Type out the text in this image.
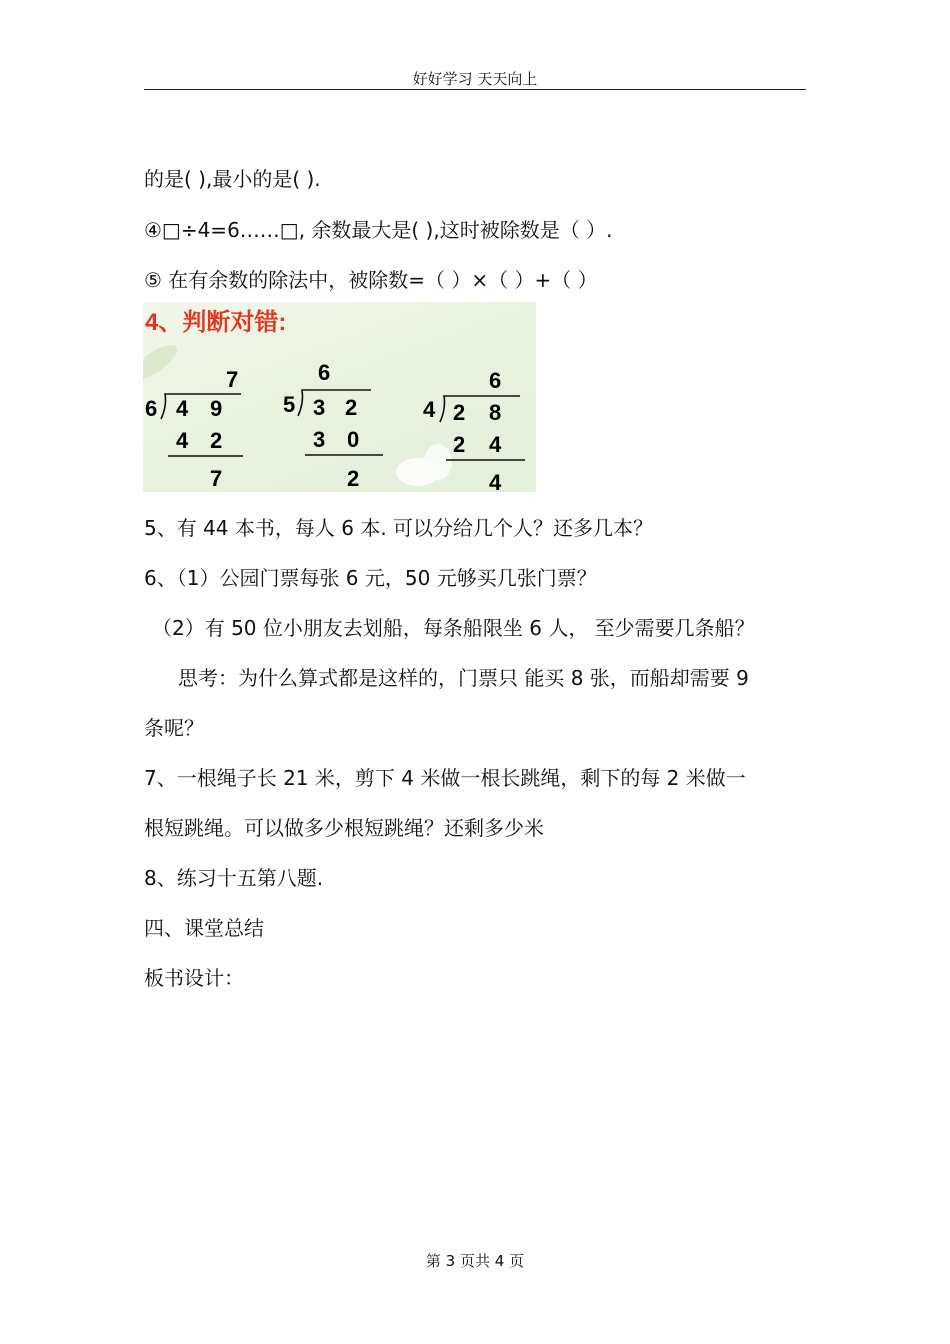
好好学习 天天向上
的是( ),最小的是( ).
④□÷4=6……□, 余数最大是( ),这时被除数是（ ）.
⑤ 在有余数的除法中，被除数=（ ）×（ ）+（ ）
4、判断对错:
7
6 4 9
4 2
7
6
5 3 2
3 0
2
6
4 2 8
2 4
4
5、有 44 本书，每人 6 本. 可以分给几个人？还多几本？
6、（1）公园门票每张 6 元，50 元够买几张门票？
（2）有 50 位小朋友去划船，每条船限坐 6 人， 至少需要几条船？
思考：为什么算式都是这样的，门票只 能买 8 张，而船却需要 9
条呢？
7、一根绳子长 21 米，剪下 4 米做一根长跳绳，剩下的每 2 米做一
根短跳绳。可以做多少根短跳绳？还剩多少米
8、练习十五第八题.
四、课堂总结
板书设计：
第 3 页共 4 页
